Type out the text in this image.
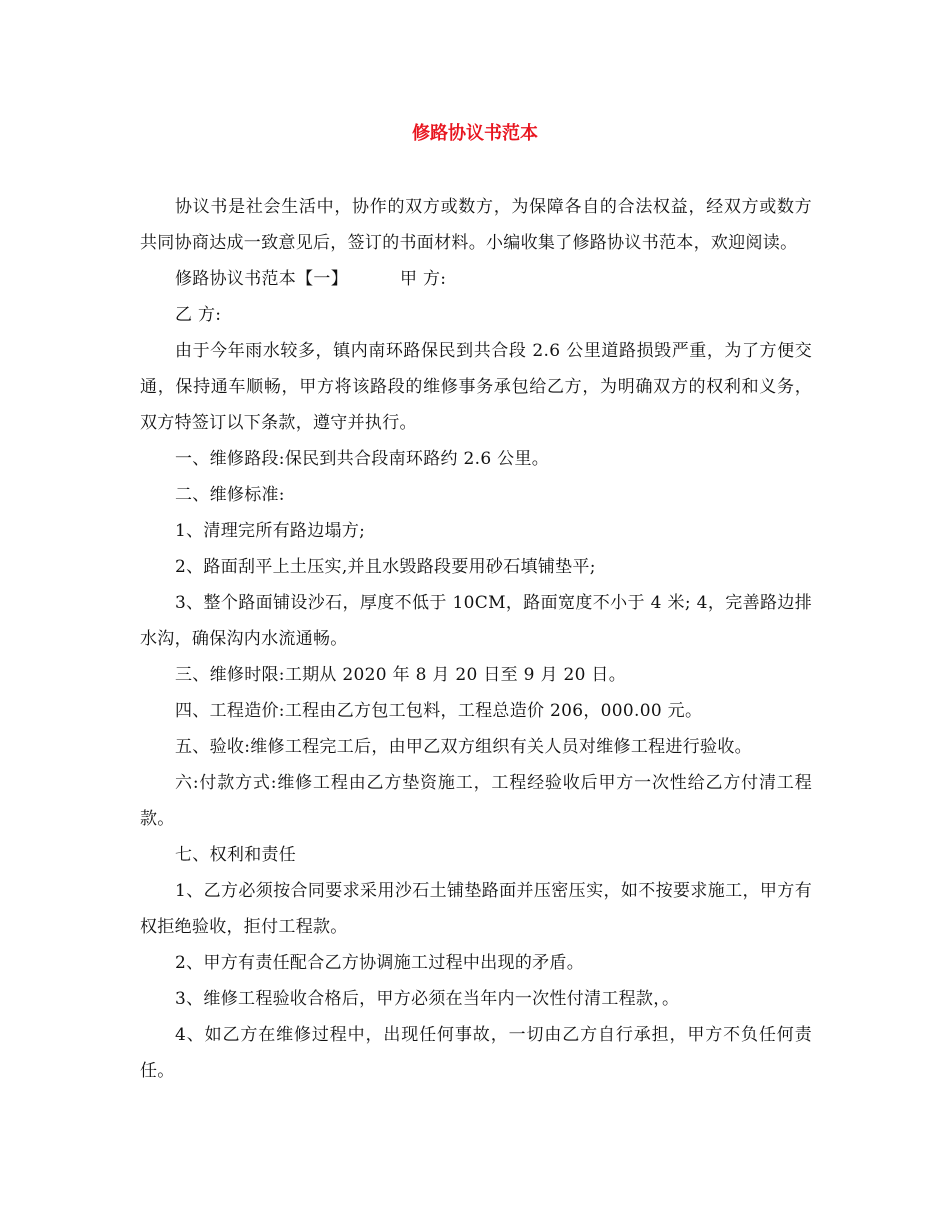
修路协议书范本

协议书是社会生活中，协作的双方或数方，为保障各自的合法权益，经双方或数方共同协商达成一致意见后，签订的书面材料。小编收集了修路协议书范本，欢迎阅读。

修路协议书范本【一】	甲 方:

乙 方:

由于今年雨水较多，镇内南环路保民到共合段 2.6 公里道路损毁严重，为了方便交通，保持通车顺畅，甲方将该路段的维修事务承包给乙方，为明确双方的权利和义务，双方特签订以下条款，遵守并执行。

一、维修路段:保民到共合段南环路约 2.6 公里。

二、维修标准:

1、清理完所有路边塌方;

2、路面刮平上土压实,并且水毁路段要用砂石填铺垫平;

3、整个路面铺设沙石，厚度不低于 10CM，路面宽度不小于 4 米; 4，完善路边排水沟，确保沟内水流通畅。

三、维修时限:工期从 2020 年 8 月 20 日至 9 月 20 日。

四、工程造价:工程由乙方包工包料，工程总造价 206，000.00 元。

五、验收:维修工程完工后，由甲乙双方组织有关人员对维修工程进行验收。

六:付款方式:维修工程由乙方垫资施工，工程经验收后甲方一次性给乙方付清工程款。

七、权利和责任

1、乙方必须按合同要求采用沙石土铺垫路面并压密压实，如不按要求施工，甲方有权拒绝验收，拒付工程款。

2、甲方有责任配合乙方协调施工过程中出现的矛盾。

3、维修工程验收合格后，甲方必须在当年内一次性付清工程款，。

4、如乙方在维修过程中，出现任何事故，一切由乙方自行承担，甲方不负任何责任。
